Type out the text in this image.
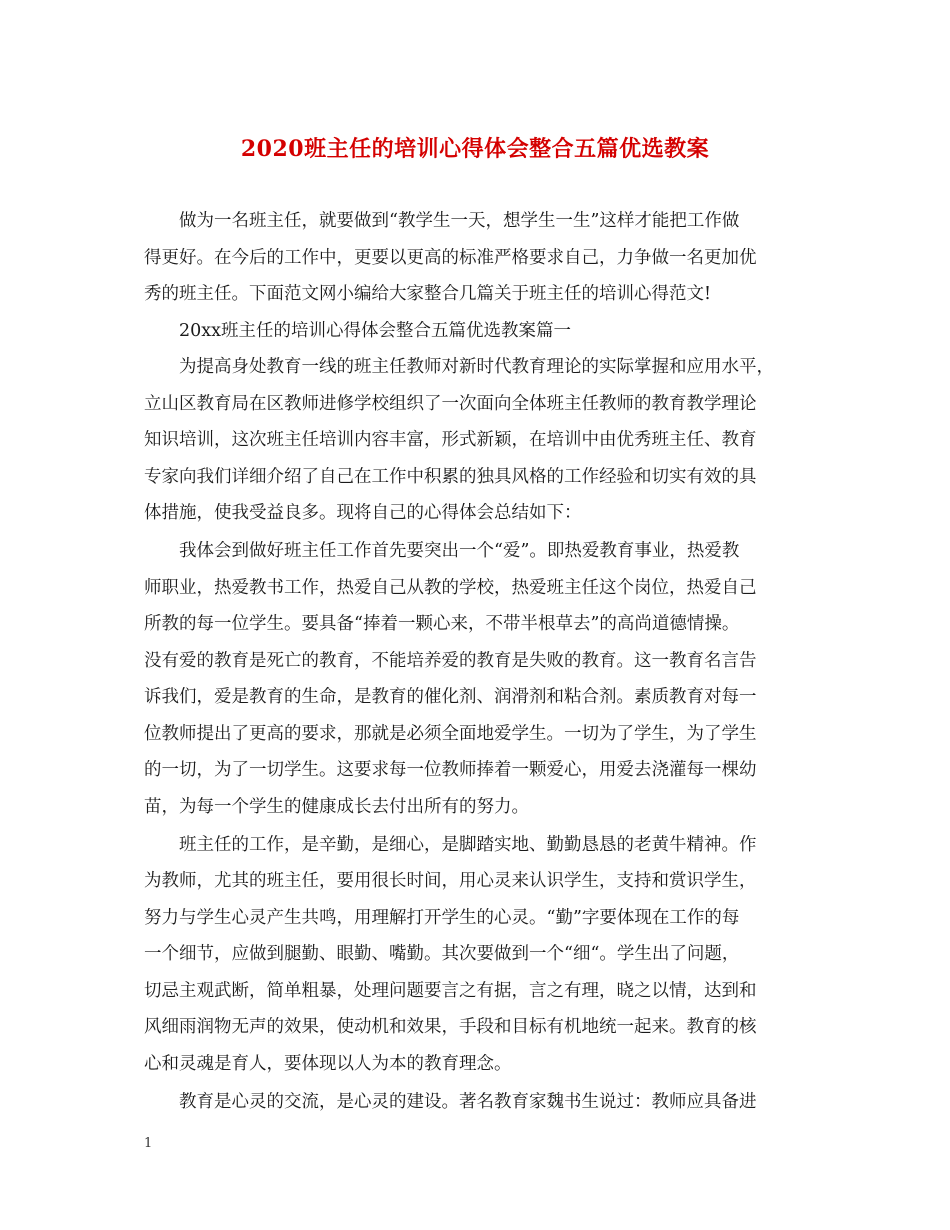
2020班主任的培训心得体会整合五篇优选教案
做为一名班主任，就要做到“教学生一天，想学生一生”这样才能把工作做
得更好。在今后的工作中，更要以更高的标准严格要求自己，力争做一名更加优
秀的班主任。下面范文网小编给大家整合几篇关于班主任的培训心得范文!
20xx班主任的培训心得体会整合五篇优选教案篇一
为提高身处教育一线的班主任教师对新时代教育理论的实际掌握和应用水平，
立山区教育局在区教师进修学校组织了一次面向全体班主任教师的教育教学理论
知识培训，这次班主任培训内容丰富，形式新颖，在培训中由优秀班主任、教育
专家向我们详细介绍了自己在工作中积累的独具风格的工作经验和切实有效的具
体措施，使我受益良多。现将自己的心得体会总结如下：
我体会到做好班主任工作首先要突出一个“爱”。即热爱教育事业，热爱教
师职业，热爱教书工作，热爱自己从教的学校，热爱班主任这个岗位，热爱自己
所教的每一位学生。要具备“捧着一颗心来，不带半根草去”的高尚道德情操。
没有爱的教育是死亡的教育，不能培养爱的教育是失败的教育。这一教育名言告
诉我们，爱是教育的生命，是教育的催化剂、润滑剂和粘合剂。素质教育对每一
位教师提出了更高的要求，那就是必须全面地爱学生。一切为了学生，为了学生
的一切，为了一切学生。这要求每一位教师捧着一颗爱心，用爱去浇灌每一棵幼
苗，为每一个学生的健康成长去付出所有的努力。
班主任的工作，是辛勤，是细心，是脚踏实地、勤勤恳恳的老黄牛精神。作
为教师，尤其的班主任，要用很长时间，用心灵来认识学生，支持和赏识学生，
努力与学生心灵产生共鸣，用理解打开学生的心灵。“勤”字要体现在工作的每
一个细节，应做到腿勤、眼勤、嘴勤。其次要做到一个“细“。学生出了问题，
切忌主观武断，简单粗暴，处理问题要言之有据，言之有理，晓之以情，达到和
风细雨润物无声的效果，使动机和效果，手段和目标有机地统一起来。教育的核
心和灵魂是育人，要体现以人为本的教育理念。
教育是心灵的交流，是心灵的建设。著名教育家魏书生说过：教师应具备进
1
